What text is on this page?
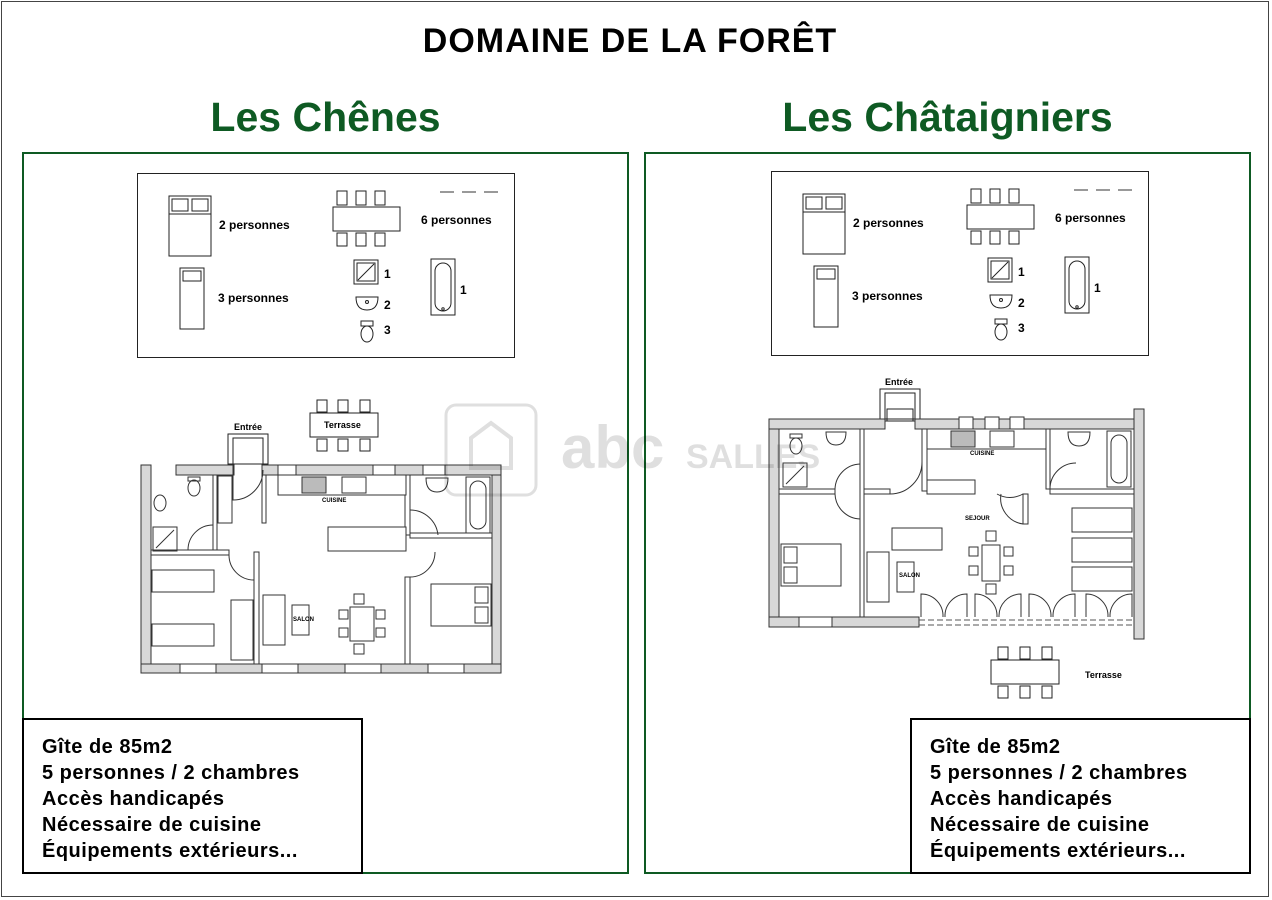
DOMAINE DE LA FORÊT
Les Chênes	Les Châtaigniers
2 personnes
3 personnes
6 personnes
1
2
3
1
2 personnes
3 personnes
6 personnes
1
2
3
1
Entrée	Terrasse
CUISINE
SALON
Entrée
Terrasse
CUISINE
SEJOUR
SALON
abc SALLES
Gîte de 85m2
5 personnes / 2 chambres
Accès handicapés
Nécessaire de cuisine
Équipements extérieurs...
Gîte de 85m2
5 personnes / 2 chambres
Accès handicapés
Nécessaire de cuisine
Équipements extérieurs...
